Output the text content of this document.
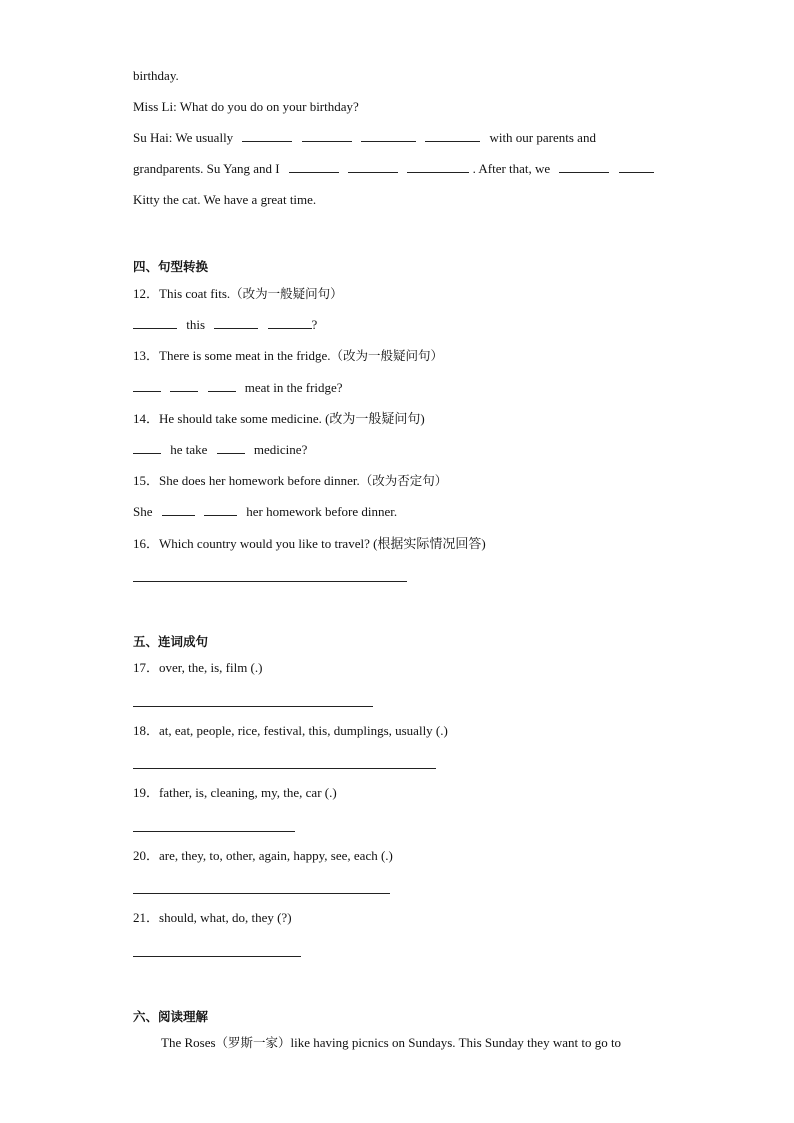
birthday.
Miss Li: What do you do on your birthday?
Su Hai: We usually	with our parents and
grandparents. Su Yang and I	. After that, we
Kitty the cat. We have a great time.
四、句型转换
12．This coat fits.（改为一般疑问句）
this	?
13．There is some meat in the fridge.（改为一般疑问句）
meat in the fridge?
14．He should take some medicine. (改为一般疑问句)
he take	medicine?
15．She does her homework before dinner.（改为否定句）
She	her homework before dinner.
16．Which country would you like to travel? (根据实际情况回答)
五、连词成句
17．over, the, is, film (.)
18．at, eat, people, rice, festival, this, dumplings, usually (.)
19．father, is, cleaning, my, the, car (.)
20．are, they, to, other, again, happy, see, each (.)
21．should, what, do, they (?)
六、阅读理解
The Roses（罗斯一家）like having picnics on Sundays. This Sunday they want to go to
